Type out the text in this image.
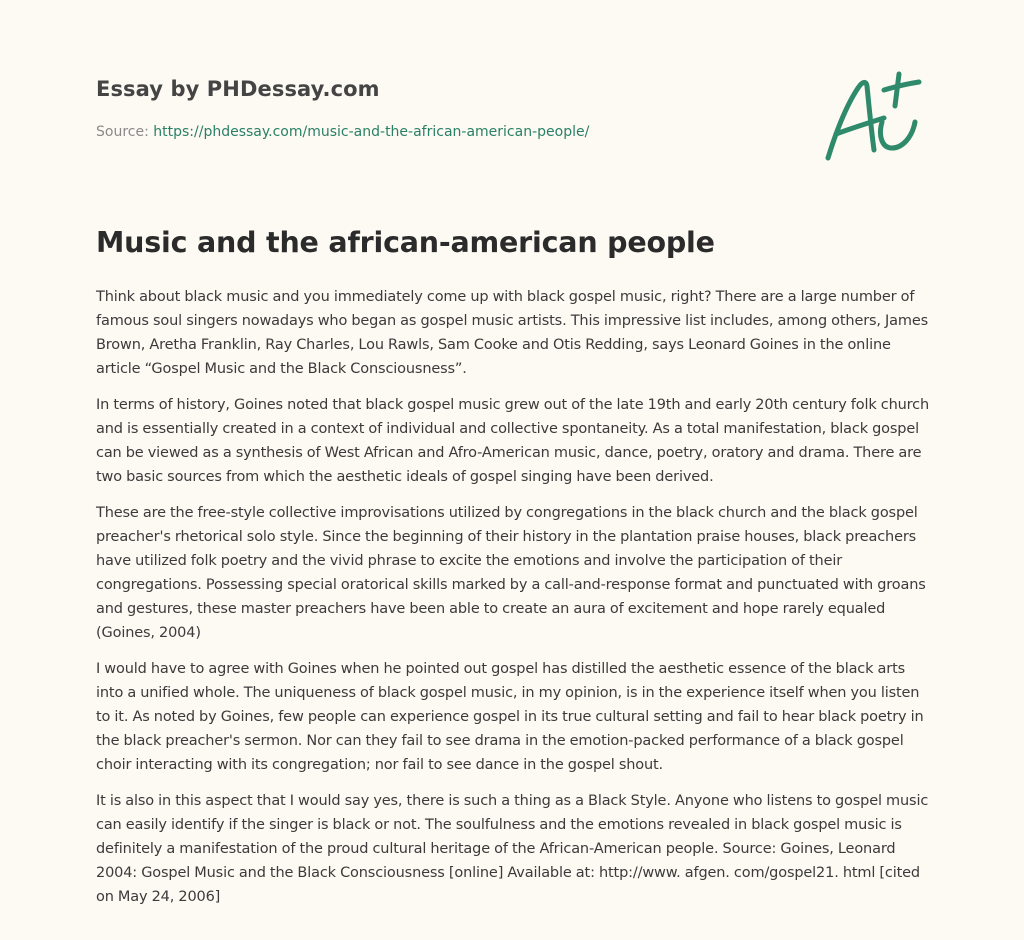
Essay by PHDessay.com
Source: https://phdessay.com/music-and-the-african-american-people/
Music and the african-american people

Think about black music and you immediately come up with black gospel music, right? There are a large number of famous soul singers nowadays who began as gospel music artists. This impressive list includes, among others, James Brown, Aretha Franklin, Ray Charles, Lou Rawls, Sam Cooke and Otis Redding, says Leonard Goines in the online article “Gospel Music and the Black Consciousness”.

In terms of history, Goines noted that black gospel music grew out of the late 19th and early 20th century folk church and is essentially created in a context of individual and collective spontaneity. As a total manifestation, black gospel can be viewed as a synthesis of West African and Afro-American music, dance, poetry, oratory and drama. There are two basic sources from which the aesthetic ideals of gospel singing have been derived.

These are the free-style collective improvisations utilized by congregations in the black church and the black gospel preacher's rhetorical solo style. Since the beginning of their history in the plantation praise houses, black preachers have utilized folk poetry and the vivid phrase to excite the emotions and involve the participation of their congregations. Possessing special oratorical skills marked by a call-and-response format and punctuated with groans and gestures, these master preachers have been able to create an aura of excitement and hope rarely equaled (Goines, 2004)

I would have to agree with Goines when he pointed out gospel has distilled the aesthetic essence of the black arts into a unified whole. The uniqueness of black gospel music, in my opinion, is in the experience itself when you listen to it. As noted by Goines, few people can experience gospel in its true cultural setting and fail to hear black poetry in the black preacher's sermon. Nor can they fail to see drama in the emotion-packed performance of a black gospel choir interacting with its congregation; nor fail to see dance in the gospel shout.

It is also in this aspect that I would say yes, there is such a thing as a Black Style. Anyone who listens to gospel music can easily identify if the singer is black or not. The soulfulness and the emotions revealed in black gospel music is definitely a manifestation of the proud cultural heritage of the African-American people. Source: Goines, Leonard 2004: Gospel Music and the Black Consciousness [online] Available at: http://www. afgen. com/gospel21. html [cited on May 24, 2006]
